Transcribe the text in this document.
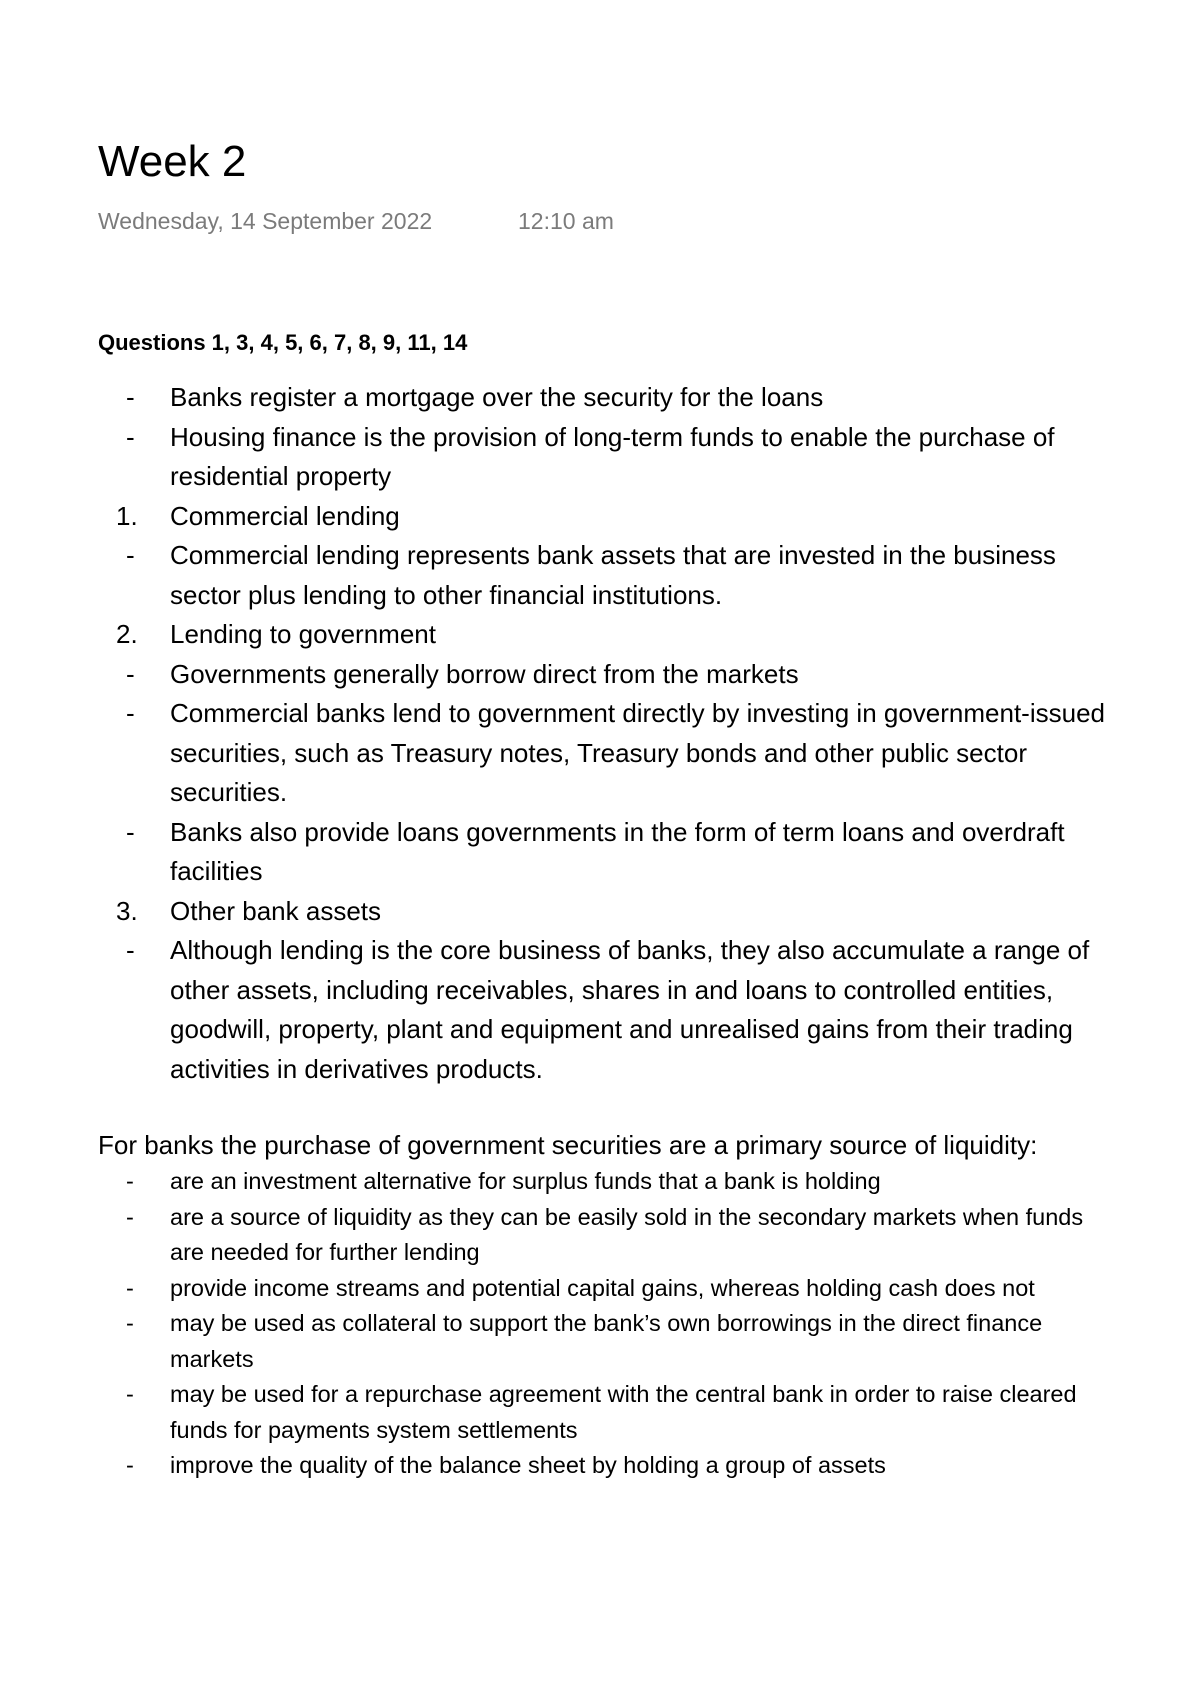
Week 2
Wednesday, 14 September 2022	12:10 am
Questions 1, 3, 4, 5, 6, 7, 8, 9, 11, 14
-	Banks register a mortgage over the security for the loans
-	Housing finance is the provision of long-term funds to enable the purchase of residential property
1.	Commercial lending
-	Commercial lending represents bank assets that are invested in the business sector plus lending to other financial institutions.
2.	Lending to government
-	Governments generally borrow direct from the markets
-	Commercial banks lend to government directly by investing in government-issued securities, such as Treasury notes, Treasury bonds and other public sector securities.
-	Banks also provide loans governments in the form of term loans and overdraft facilities
3.	Other bank assets
-	Although lending is the core business of banks, they also accumulate a range of other assets, including receivables, shares in and loans to controlled entities, goodwill, property, plant and equipment and unrealised gains from their trading activities in derivatives products.
For banks the purchase of government securities are a primary source of liquidity:
-	are an investment alternative for surplus funds that a bank is holding
-	are a source of liquidity as they can be easily sold in the secondary markets when funds are needed for further lending
-	provide income streams and potential capital gains, whereas holding cash does not
-	may be used as collateral to support the bank’s own borrowings in the direct finance markets
-	may be used for a repurchase agreement with the central bank in order to raise cleared funds for payments system settlements
-	improve the quality of the balance sheet by holding a group of assets
